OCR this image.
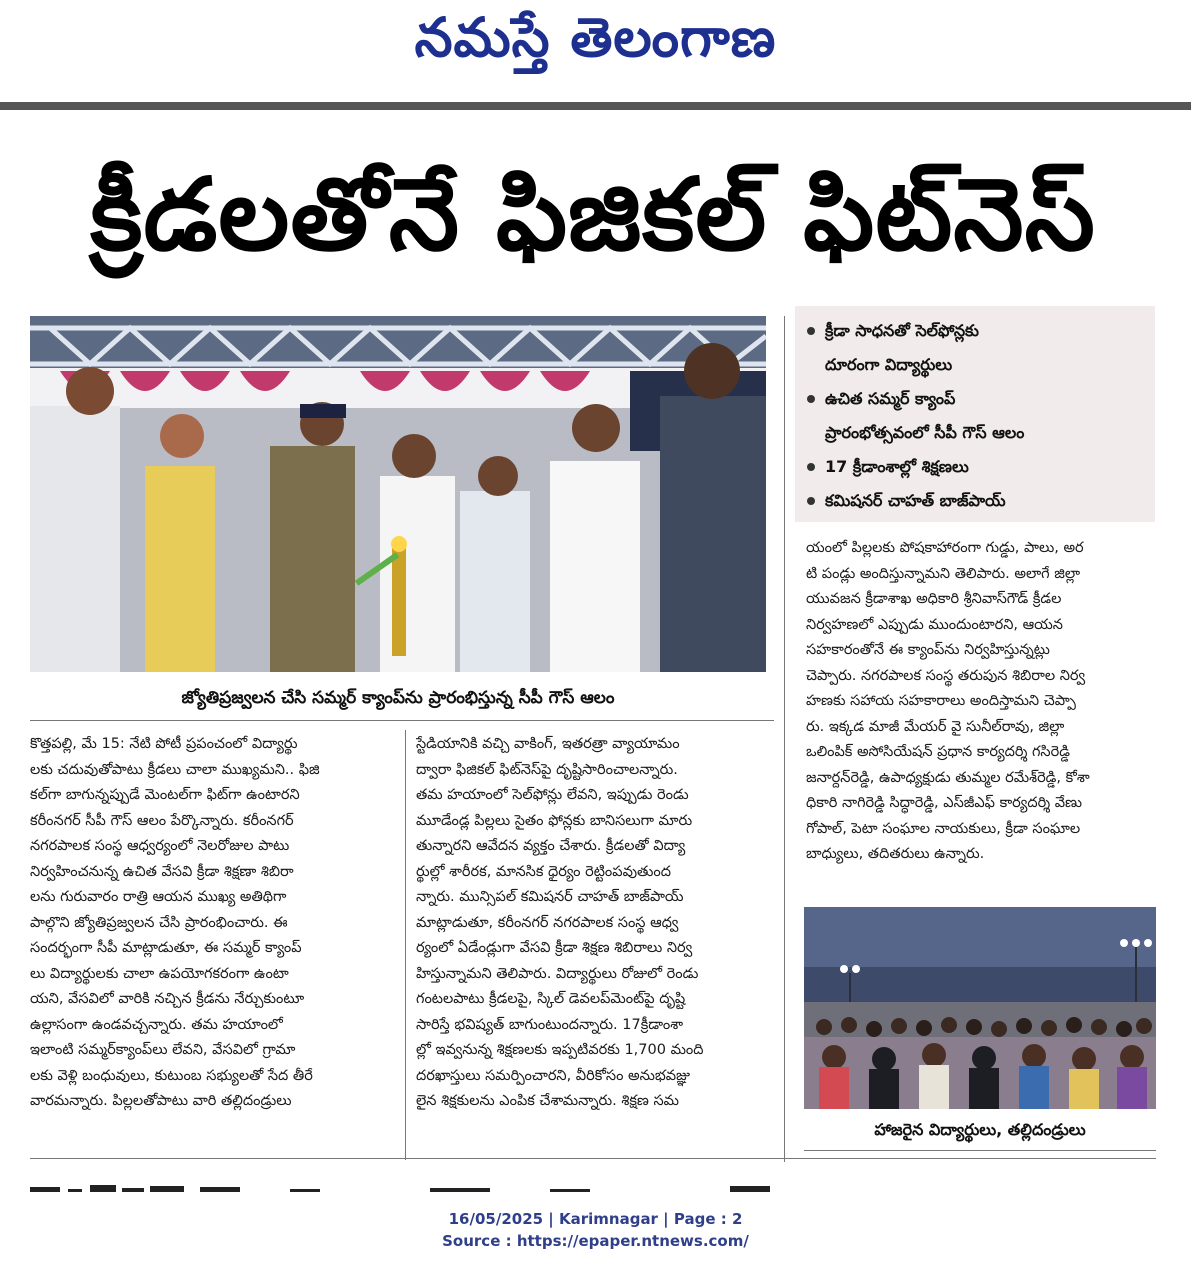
నమస్తే తెలంగాణ
క్రీడలతోనే ఫిజికల్‌ ఫిట్‌నెస్‌
జ్యోతిప్రజ్వలన చేసి సమ్మర్‌ క్యాంప్‌ను ప్రారంభిస్తున్న సీపీ గౌస్‌ ఆలం
క్రీడా సాధనతో సెల్‌ఫోన్లకు
దూరంగా విద్యార్థులు
ఉచిత సమ్మర్‌ క్యాంప్‌
ప్రారంభోత్సవంలో సీపీ గౌస్‌ ఆలం
17 క్రీడాంశాల్లో శిక్షణలు
కమిషనర్‌ చాహత్‌ బాజ్‌పాయ్‌

కొత్తపల్లి, మే 15: నేటి పోటీ ప్రపంచంలో విద్యార్థు

లకు చదువుతోపాటు క్రీడలు చాలా ముఖ్యమని.. ఫిజి

కల్‌గా బాగున్నప్పుడే మెంటల్‌గా ఫిట్‌గా ఉంటారని

కరీంనగర్‌ సీపీ గౌస్‌ ఆలం పేర్కొన్నారు. కరీంనగర్‌

నగరపాలక సంస్థ ఆధ్వర్యంలో నెలరోజుల పాటు

నిర్వహించనున్న ఉచిత వేసవి క్రీడా శిక్షణా శిబిరా

లను గురువారం రాత్రి ఆయన ముఖ్య అతిథిగా

పాల్గొని జ్యోతిప్రజ్వలన చేసి ప్రారంభించారు. ఈ

సందర్భంగా సీపీ మాట్లాడుతూ, ఈ సమ్మర్‌ క్యాంప్‌

లు విద్యార్థులకు చాలా ఉపయోగకరంగా ఉంటా

యని, వేసవిలో వారికి నచ్చిన క్రీడను నేర్చుకుంటూ

ఉల్లాసంగా ఉండవచ్చన్నారు. తమ హయాంలో

ఇలాంటి సమ్మర్‌క్యాంప్‌లు లేవని, వేసవిలో గ్రామా

లకు వెళ్లి బంధువులు, కుటుంబ సభ్యులతో సేద తీరే

వారమన్నారు. పిల్లలతోపాటు వారి తల్లిదండ్రులు

స్టేడియానికి వచ్చి వాకింగ్‌, ఇతరత్రా వ్యాయామం

ద్వారా ఫిజికల్‌ ఫిట్‌నెస్‌పై దృష్టిసారించాలన్నారు.

తమ హయాంలో సెల్‌ఫోన్లు లేవని, ఇప్పుడు రెండు

మూడేండ్ల పిల్లలు సైతం ఫోన్లకు బానిసలుగా మారు

తున్నారని ఆవేదన వ్యక్తం చేశారు. క్రీడలతో విద్యా

ర్థుల్లో శారీరక, మానసిక ధైర్యం రెట్టింపవుతుంద

న్నారు. మున్సిపల్‌ కమిషనర్‌ చాహత్‌ బాజ్‌పాయ్‌

మాట్లాడుతూ, కరీంనగర్‌ నగరపాలక సంస్థ ఆధ్వ

ర్యంలో ఏడేండ్లుగా వేసవి క్రీడా శిక్షణ శిబిరాలు నిర్వ

హిస్తున్నామని తెలిపారు. విద్యార్థులు రోజులో రెండు

గంటలపాటు క్రీడలపై, స్కిల్‌ డెవలప్‌మెంట్‌పై దృష్టి

సారిస్తే భవిష్యత్‌ బాగుంటుందన్నారు. 17క్రీడాంశా

ల్లో ఇవ్వనున్న శిక్షణలకు ఇప్పటివరకు 1,700 మంది

దరఖాస్తులు సమర్పించారని, వీరికోసం అనుభవజ్ఞు

లైన శిక్షకులను ఎంపిక చేశామన్నారు. శిక్షణ సమ

యంలో పిల్లలకు పోషకాహారంగా గుడ్డు, పాలు, అర

టి పండ్లు అందిస్తున్నామని తెలిపారు. అలాగే జిల్లా

యువజన క్రీడాశాఖ అధికారి శ్రీనివాస్‌గౌడ్‌ క్రీడల

నిర్వహణలో ఎప్పుడు ముందుంటారని, ఆయన

సహకారంతోనే ఈ క్యాంప్‌ను నిర్వహిస్తున్నట్లు

చెప్పారు. నగరపాలక సంస్థ తరుపున శిబిరాల నిర్వ

హణకు సహాయ సహకారాలు అందిస్తామని చెప్పా

రు. ఇక్కడ మాజీ మేయర్‌ వై సునీల్‌రావు, జిల్లా

ఒలింపిక్‌ అసోసియేషన్‌ ప్రధాన కార్యదర్శి గసిరెడ్డి

జనార్దన్‌రెడ్డి, ఉపాధ్యక్షుడు తుమ్మల రమేశ్‌రెడ్డి, కోశా

ధికారి నాగిరెడ్డి సిద్ధారెడ్డి, ఎస్‌జీఎఫ్‌ కార్యదర్శి వేణు

గోపాల్‌, పెటా సంఘాల నాయకులు, క్రీడా సంఘాల

బాధ్యులు, తదితరులు ఉన్నారు.

హాజరైన విద్యార్థులు, తల్లిదండ్రులు
16/05/2025 | Karimnagar | Page : 2
Source : https://epaper.ntnews.com/
